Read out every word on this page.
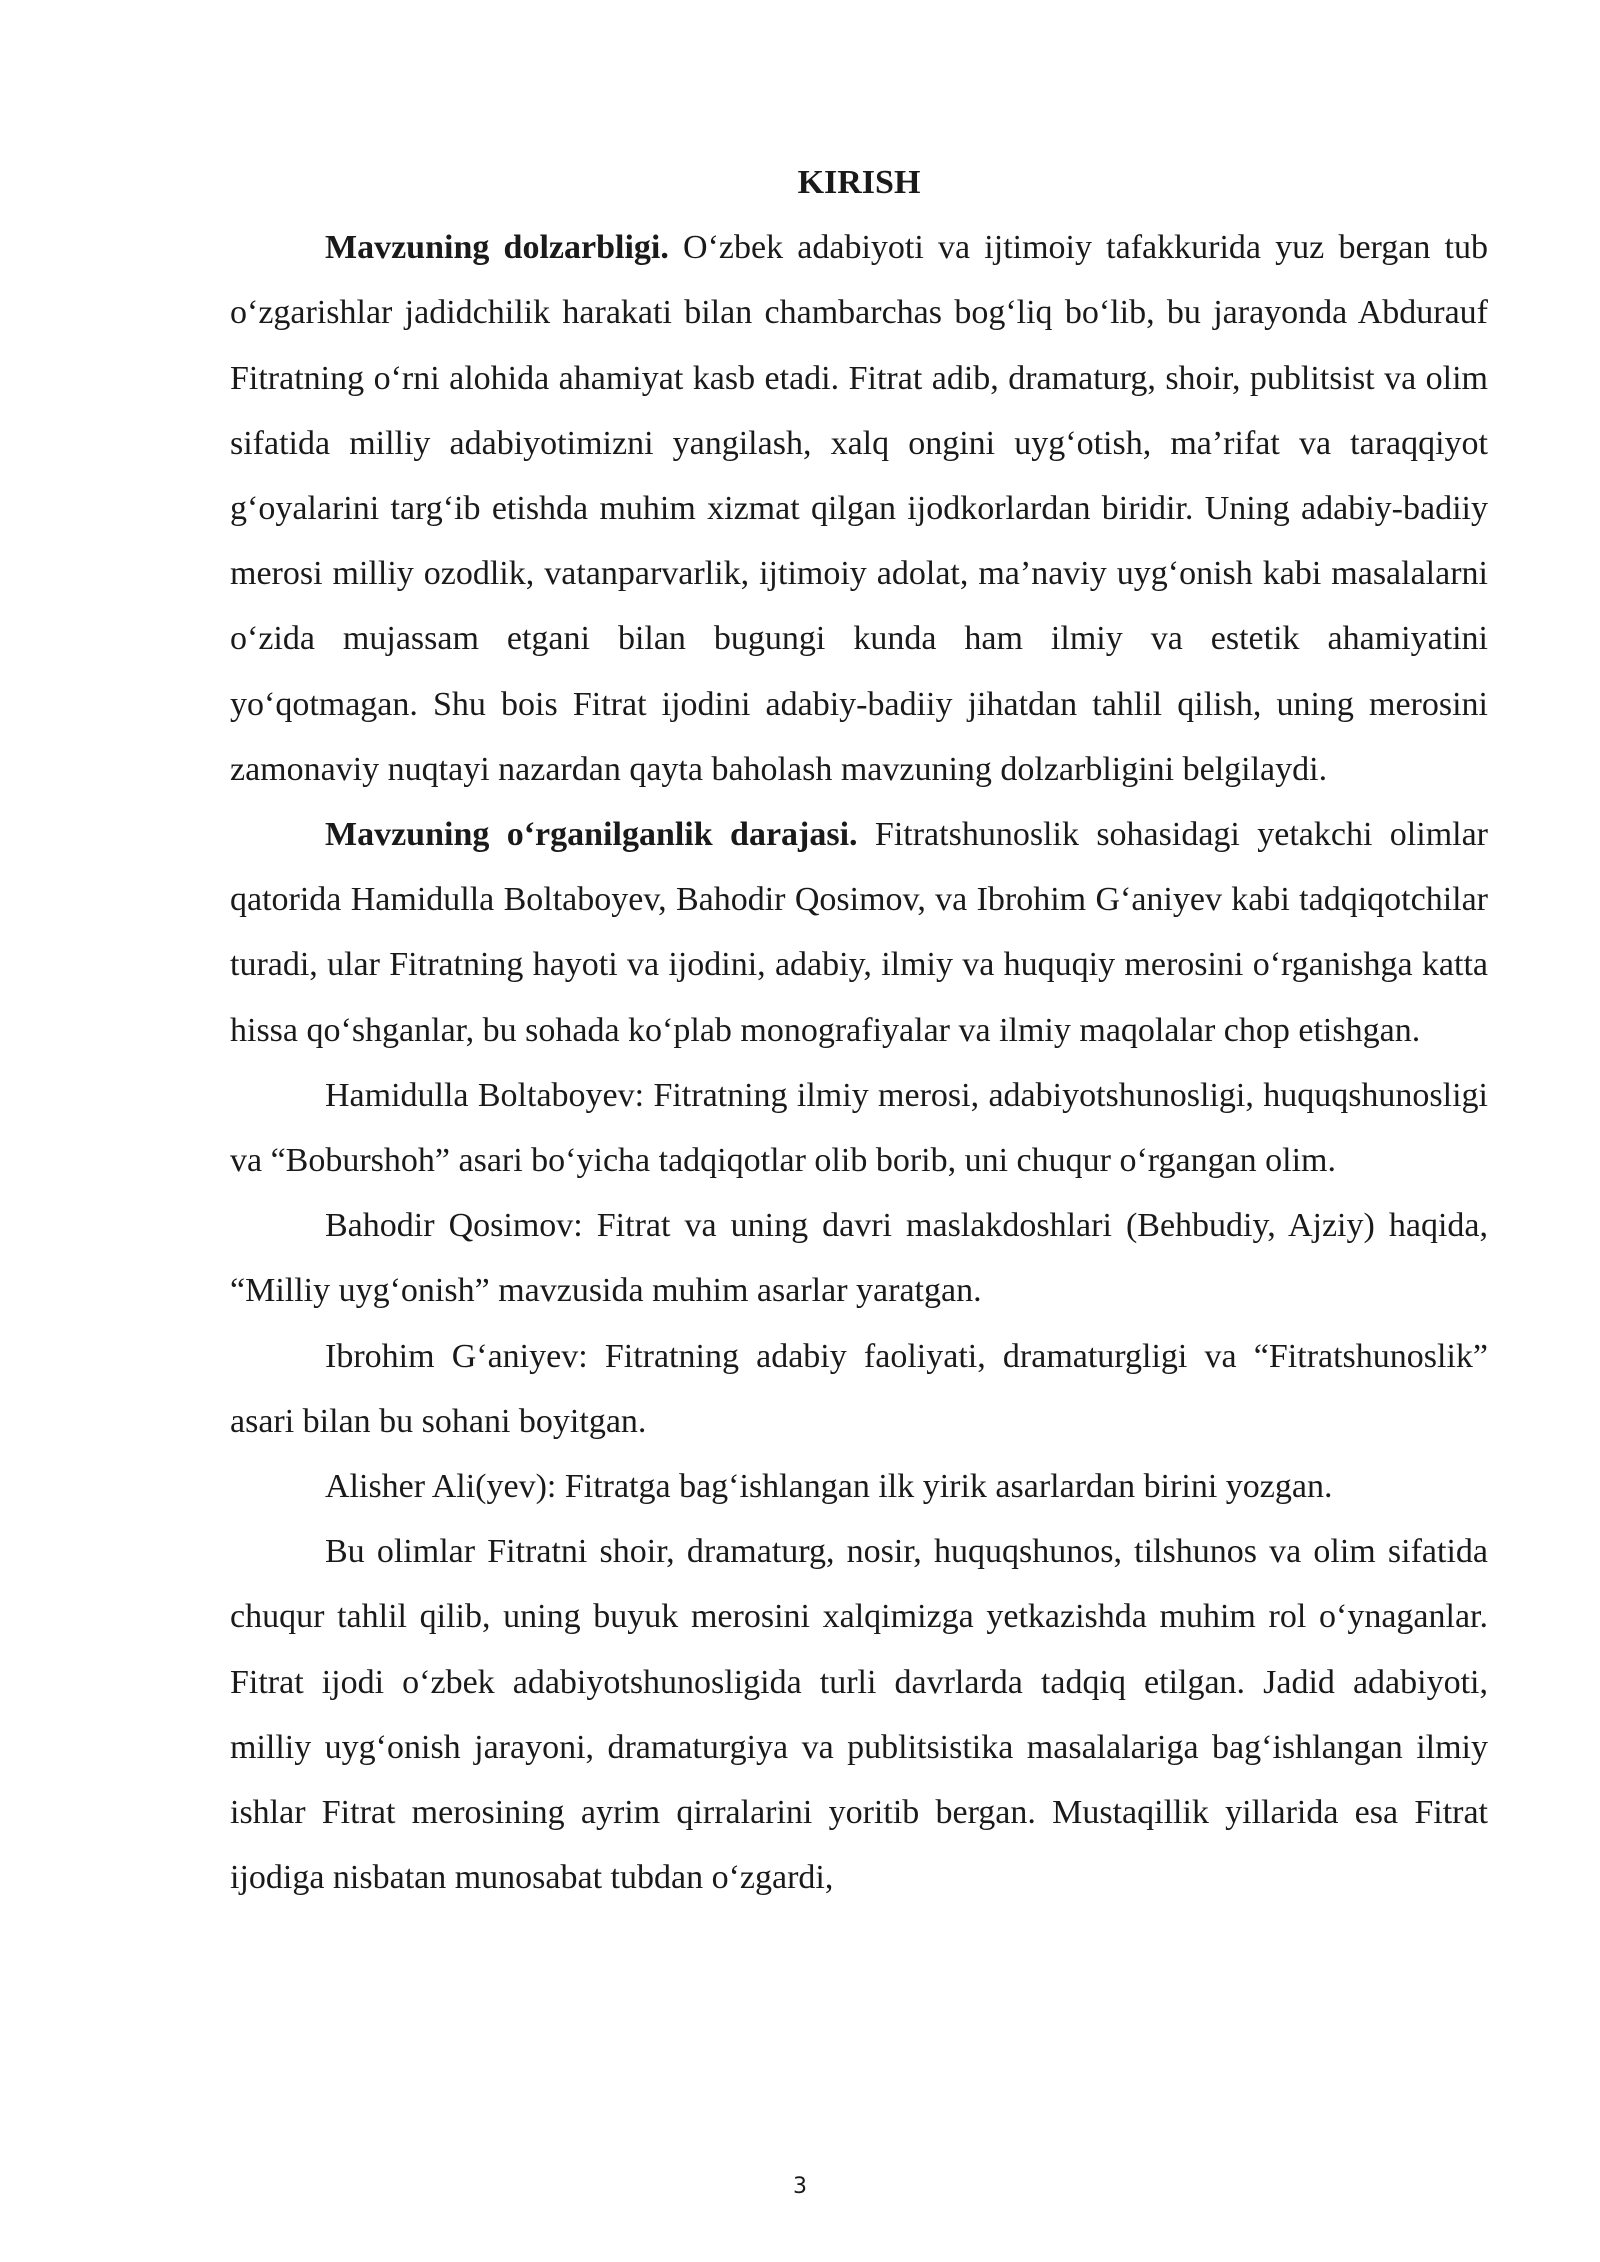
KIRISH

Mavzuning dolzarbligi. O‘zbek adabiyoti va ijtimoiy tafakkurida yuz bergan tub o‘zgarishlar jadidchilik harakati bilan chambarchas bog‘liq bo‘lib, bu jarayonda Abdurauf Fitratning o‘rni alohida ahamiyat kasb etadi. Fitrat adib, dramaturg, shoir, publitsist va olim sifatida milliy adabiyotimizni yangilash, xalq ongini uyg‘otish, ma’rifat va taraqqiyot g‘oyalarini targ‘ib etishda muhim xizmat qilgan ijodkorlardan biridir. Uning adabiy-badiiy merosi milliy ozodlik, vatanparvarlik, ijtimoiy adolat, ma’naviy uyg‘onish kabi masalalarni o‘zida mujassam etgani bilan bugungi kunda ham ilmiy va estetik ahamiyatini yo‘qotmagan. Shu bois Fitrat ijodini adabiy-badiiy jihatdan tahlil qilish, uning merosini zamonaviy nuqtayi nazardan qayta baholash mavzuning dolzarbligini belgilaydi.

Mavzuning o‘rganilganlik darajasi. Fitratshunoslik sohasidagi yetakchi olimlar qatorida Hamidulla Boltaboyev, Bahodir Qosimov, va Ibrohim G‘aniyev kabi tadqiqotchilar turadi, ular Fitratning hayoti va ijodini, adabiy, ilmiy va huquqiy merosini o‘rganishga katta hissa qo‘shganlar, bu sohada ko‘plab monografiyalar va ilmiy maqolalar chop etishgan.

Hamidulla Boltaboyev: Fitratning ilmiy merosi, adabiyotshunosligi, huquqshunosligi va “Bobursho‌h” asari bo‘yicha tadqiqotlar olib borib, uni chuqur o‘rgangan olim.

Bahodir Qosimov: Fitrat va uning davri maslakdoshlari (Behbudiy, Ajziy) haqida, “Milliy uyg‘onish” mavzusida muhim asarlar yaratgan.

Ibrohim G‘aniyev: Fitratning adabiy faoliyati, dramaturgligi va “Fitratshunoslik” asari bilan bu sohani boyitgan.

Alisher Ali(yev): Fitratga bag‘ishlangan ilk yirik asarlardan birini yozgan.

Bu olimlar Fitratni shoir, dramaturg, nosir, huquqshunos, tilshunos va olim sifatida chuqur tahlil qilib, uning buyuk merosini xalqimizga yetkazishda muhim rol o‘ynaganlar. Fitrat ijodi o‘zbek adabiyotshunosligida turli davrlarda tadqiq etilgan. Jadid adabiyoti, milliy uyg‘onish jarayoni, dramaturgiya va publitsistika masalalariga bag‘ishlangan ilmiy ishlar Fitrat merosining ayrim qirralarini yoritib bergan. Mustaqillik yillarida esa Fitrat ijodiga nisbatan munosabat tubdan o‘zgardi,

3
